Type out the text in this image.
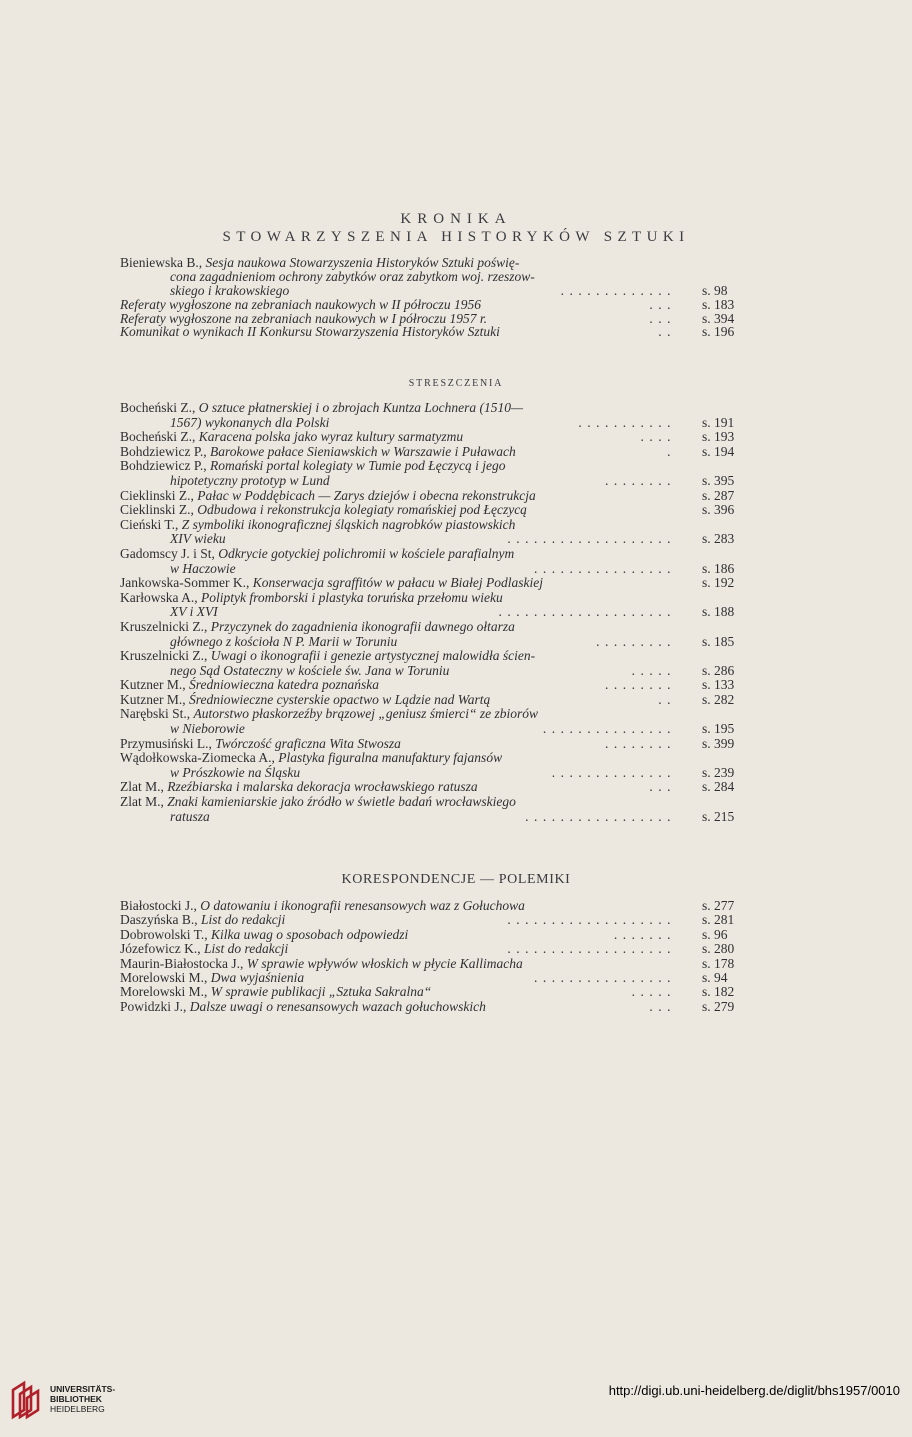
KRONIKA
STOWARZYSZENIA HISTORYKÓW SZTUKI
Bieniewska B., Sesja naukowa Stowarzyszenia Historyków Sztuki poświę-
cona zagadnieniom ochrony zabytków oraz zabytkom woj. rzeszow-
skiego i krakowskiego	............. s. 98
Referaty wygłoszone na zebraniach naukowych w II półroczu 1956	... s. 183
Referaty wygłoszone na zebraniach naukowych w I półroczu 1957 r.	... s. 394
Komunikat o wynikach II Konkursu Stowarzyszenia Historyków Sztuki	.. s. 196
STRESZCZENIA
Bocheński Z., O sztuce płatnerskiej i o zbrojach Kuntza Lochnera (1510—
1567) wykonanych dla Polski	........... s. 191
Bocheński Z., Karacena polska jako wyraz kultury sarmatyzmu	.... s. 193
Bohdziewicz P., Barokowe pałace Sieniawskich w Warszawie i Puławach	. s. 194
Bohdziewicz P., Romański portal kolegiaty w Tumie pod Łęczycą i jego
hipotetyczny prototyp w Lund	........ s. 395
Cieklinski Z., Pałac w Poddębicach — Zarys dziejów i obecna rekonstrukcja	s. 287
Cieklinski Z., Odbudowa i rekonstrukcja kolegiaty romańskiej pod Łęczycą	s. 396
Cieński T., Z symboliki ikonograficznej śląskich nagrobków piastowskich
XIV wieku	................... s. 283
Gadomscy J. i St, Odkrycie gotyckiej polichromii w kościele parafialnym
w Haczowie	................ s. 186
Jankowska-Sommer K., Konserwacja sgraffitów w pałacu w Białej Podlaskiej	s. 192
Karłowska A., Poliptyk fromborski i plastyka toruńska przełomu wieku
XV i XVI	.................... s. 188
Kruszelnicki Z., Przyczynek do zagadnienia ikonografii dawnego ołtarza
głównego z kościoła N P. Marii w Toruniu	......... s. 185
Kruszelnicki Z., Uwagi o ikonografii i genezie artystycznej malowidła ścien-
nego Sąd Ostateczny w kościele św. Jana w Toruniu	..... s. 286
Kutzner M., Średniowieczna katedra poznańska	........ s. 133
Kutzner M., Średniowieczne cysterskie opactwo w Lądzie nad Wartą	.. s. 282
Narębski St., Autorstwo płaskorzeźby brązowej „geniusz śmierci“ ze zbiorów
w Nieborowie	............... s. 195
Przymusiński L., Twórczość graficzna Wita Stwosza	........ s. 399
Wądołkowska-Ziomecka A., Plastyka figuralna manufaktury fajansów
w Prószkowie na Śląsku	.............. s. 239
Zlat M., Rzeźbiarska i malarska dekoracja wrocławskiego ratusza	... s. 284
Zlat M., Znaki kamieniarskie jako źródło w świetle badań wrocławskiego
ratusza	................. s. 215
KORESPONDENCJE — POLEMIKI
Białostocki J., O datowaniu i ikonografii renesansowych waz z Gołuchowa	s. 277
Daszyńska B., List do redakcji	................... s. 281
Dobrowolski T., Kilka uwag o sposobach odpowiedzi	....... s. 96
Józefowicz K., List do redakcji	................... s. 280
Maurin-Białostocka J., W sprawie wpływów włoskich w płycie Kallimacha	s. 178
Morelowski M., Dwa wyjaśnienia	................ s. 94
Morelowski M., W sprawie publikacji „Sztuka Sakralna“	..... s. 182
Powidzki J., Dalsze uwagi o renesansowych wazach gołuchowskich	... s. 279
UNIVERSITÄTS-
BIBLIOTHEK
HEIDELBERG
http://digi.ub.uni-heidelberg.de/diglit/bhs1957/0010
